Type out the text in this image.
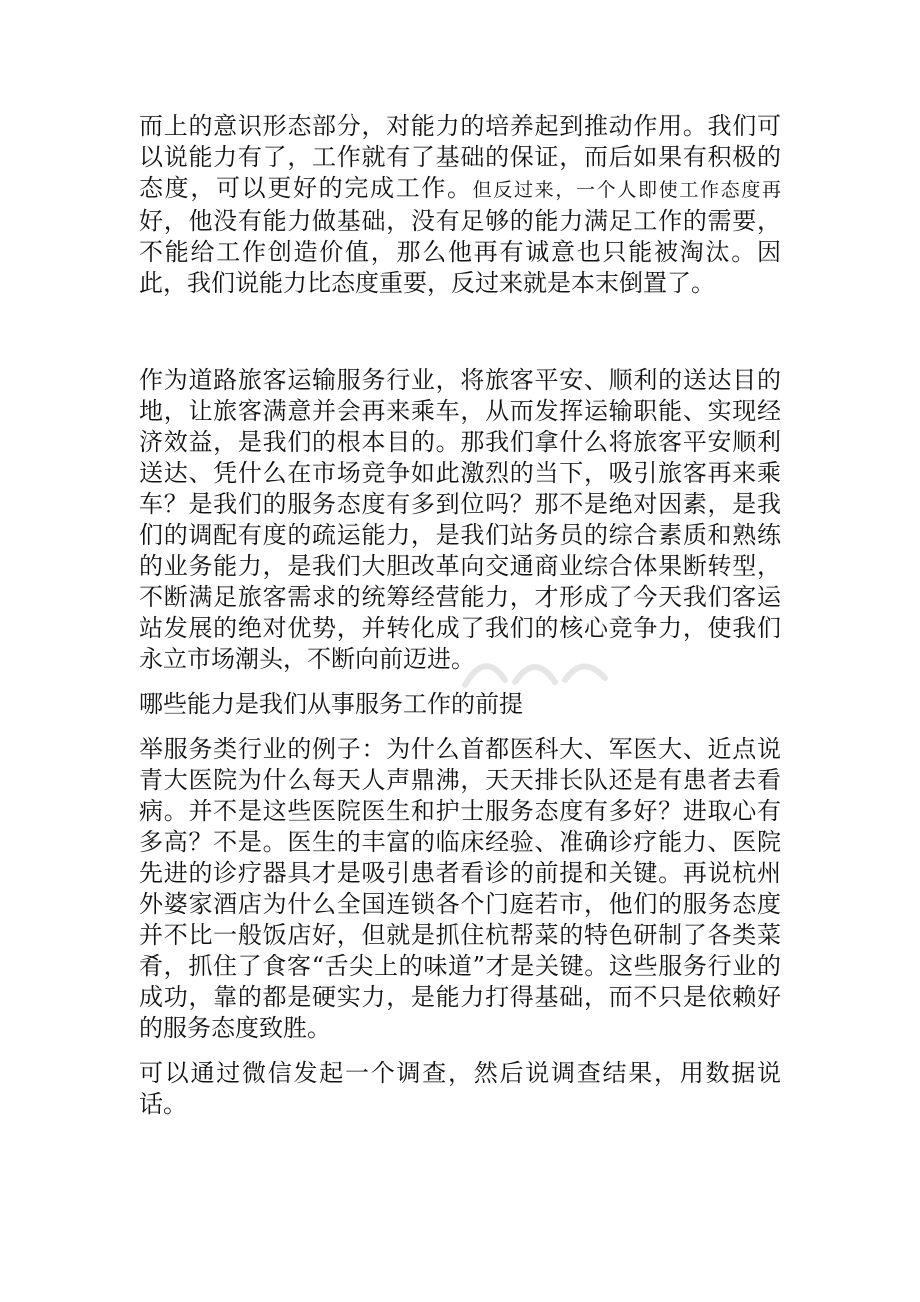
而上的意识形态部分，对能力的培养起到推动作用。我们可以说能力有了，工作就有了基础的保证，而后如果有积极的态度，可以更好的完成工作。但反过来，一个人即使工作态度再好，他没有能力做基础，没有足够的能力满足工作的需要，不能给工作创造价值，那么他再有诚意也只能被淘汰。因此，我们说能力比态度重要，反过来就是本末倒置了。

作为道路旅客运输服务行业，将旅客平安、顺利的送达目的地，让旅客满意并会再来乘车，从而发挥运输职能、实现经济效益，是我们的根本目的。那我们拿什么将旅客平安顺利送达、凭什么在市场竞争如此激烈的当下，吸引旅客再来乘车？是我们的服务态度有多到位吗？那不是绝对因素，是我们的调配有度的疏运能力，是我们站务员的综合素质和熟练的业务能力，是我们大胆改革向交通商业综合体果断转型，不断满足旅客需求的统筹经营能力，才形成了今天我们客运站发展的绝对优势，并转化成了我们的核心竞争力，使我们永立市场潮头，不断向前迈进。

哪些能力是我们从事服务工作的前提

举服务类行业的例子：为什么首都医科大、军医大、近点说青大医院为什么每天人声鼎沸，天天排长队还是有患者去看病。并不是这些医院医生和护士服务态度有多好？进取心有多高？不是。医生的丰富的临床经验、准确诊疗能力、医院先进的诊疗器具才是吸引患者看诊的前提和关键。再说杭州外婆家酒店为什么全国连锁各个门庭若市，他们的服务态度并不比一般饭店好，但就是抓住杭帮菜的特色研制了各类菜肴，抓住了食客“舌尖上的味道”才是关键。这些服务行业的成功，靠的都是硬实力，是能力打得基础，而不只是依赖好的服务态度致胜。

可以通过微信发起一个调查，然后说调查结果，用数据说话。
